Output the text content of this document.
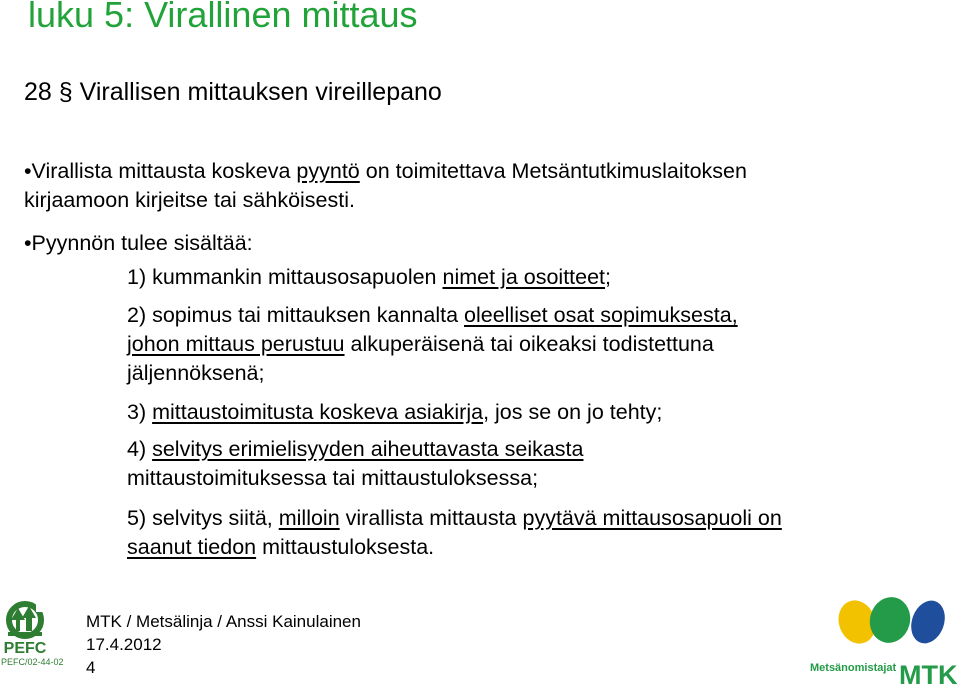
luku 5: Virallinen mittaus
28 § Virallisen mittauksen vireillepano
•Virallista mittausta koskeva pyyntö on toimitettava Metsäntutkimuslaitoksen
kirjaamoon kirjeitse tai sähköisesti.
•Pyynnön tulee sisältää:
1) kummankin mittausosapuolen nimet ja osoitteet;
2) sopimus tai mittauksen kannalta oleelliset osat sopimuksesta,
johon mittaus perustuu alkuperäisenä tai oikeaksi todistettuna
jäljennöksenä;
3) mittaustoimitusta koskeva asiakirja, jos se on jo tehty;
4) selvitys erimielisyyden aiheuttavasta seikasta
mittaustoimituksessa tai mittaustuloksessa;
5) selvitys siitä, milloin virallista mittausta pyytävä mittausosapuoli on
saanut tiedon mittaustuloksesta.
PEFC
PEFC/02-44-02
MTK / Metsälinja / Anssi Kainulainen
17.4.2012
4	Metsänomistajat MTK
